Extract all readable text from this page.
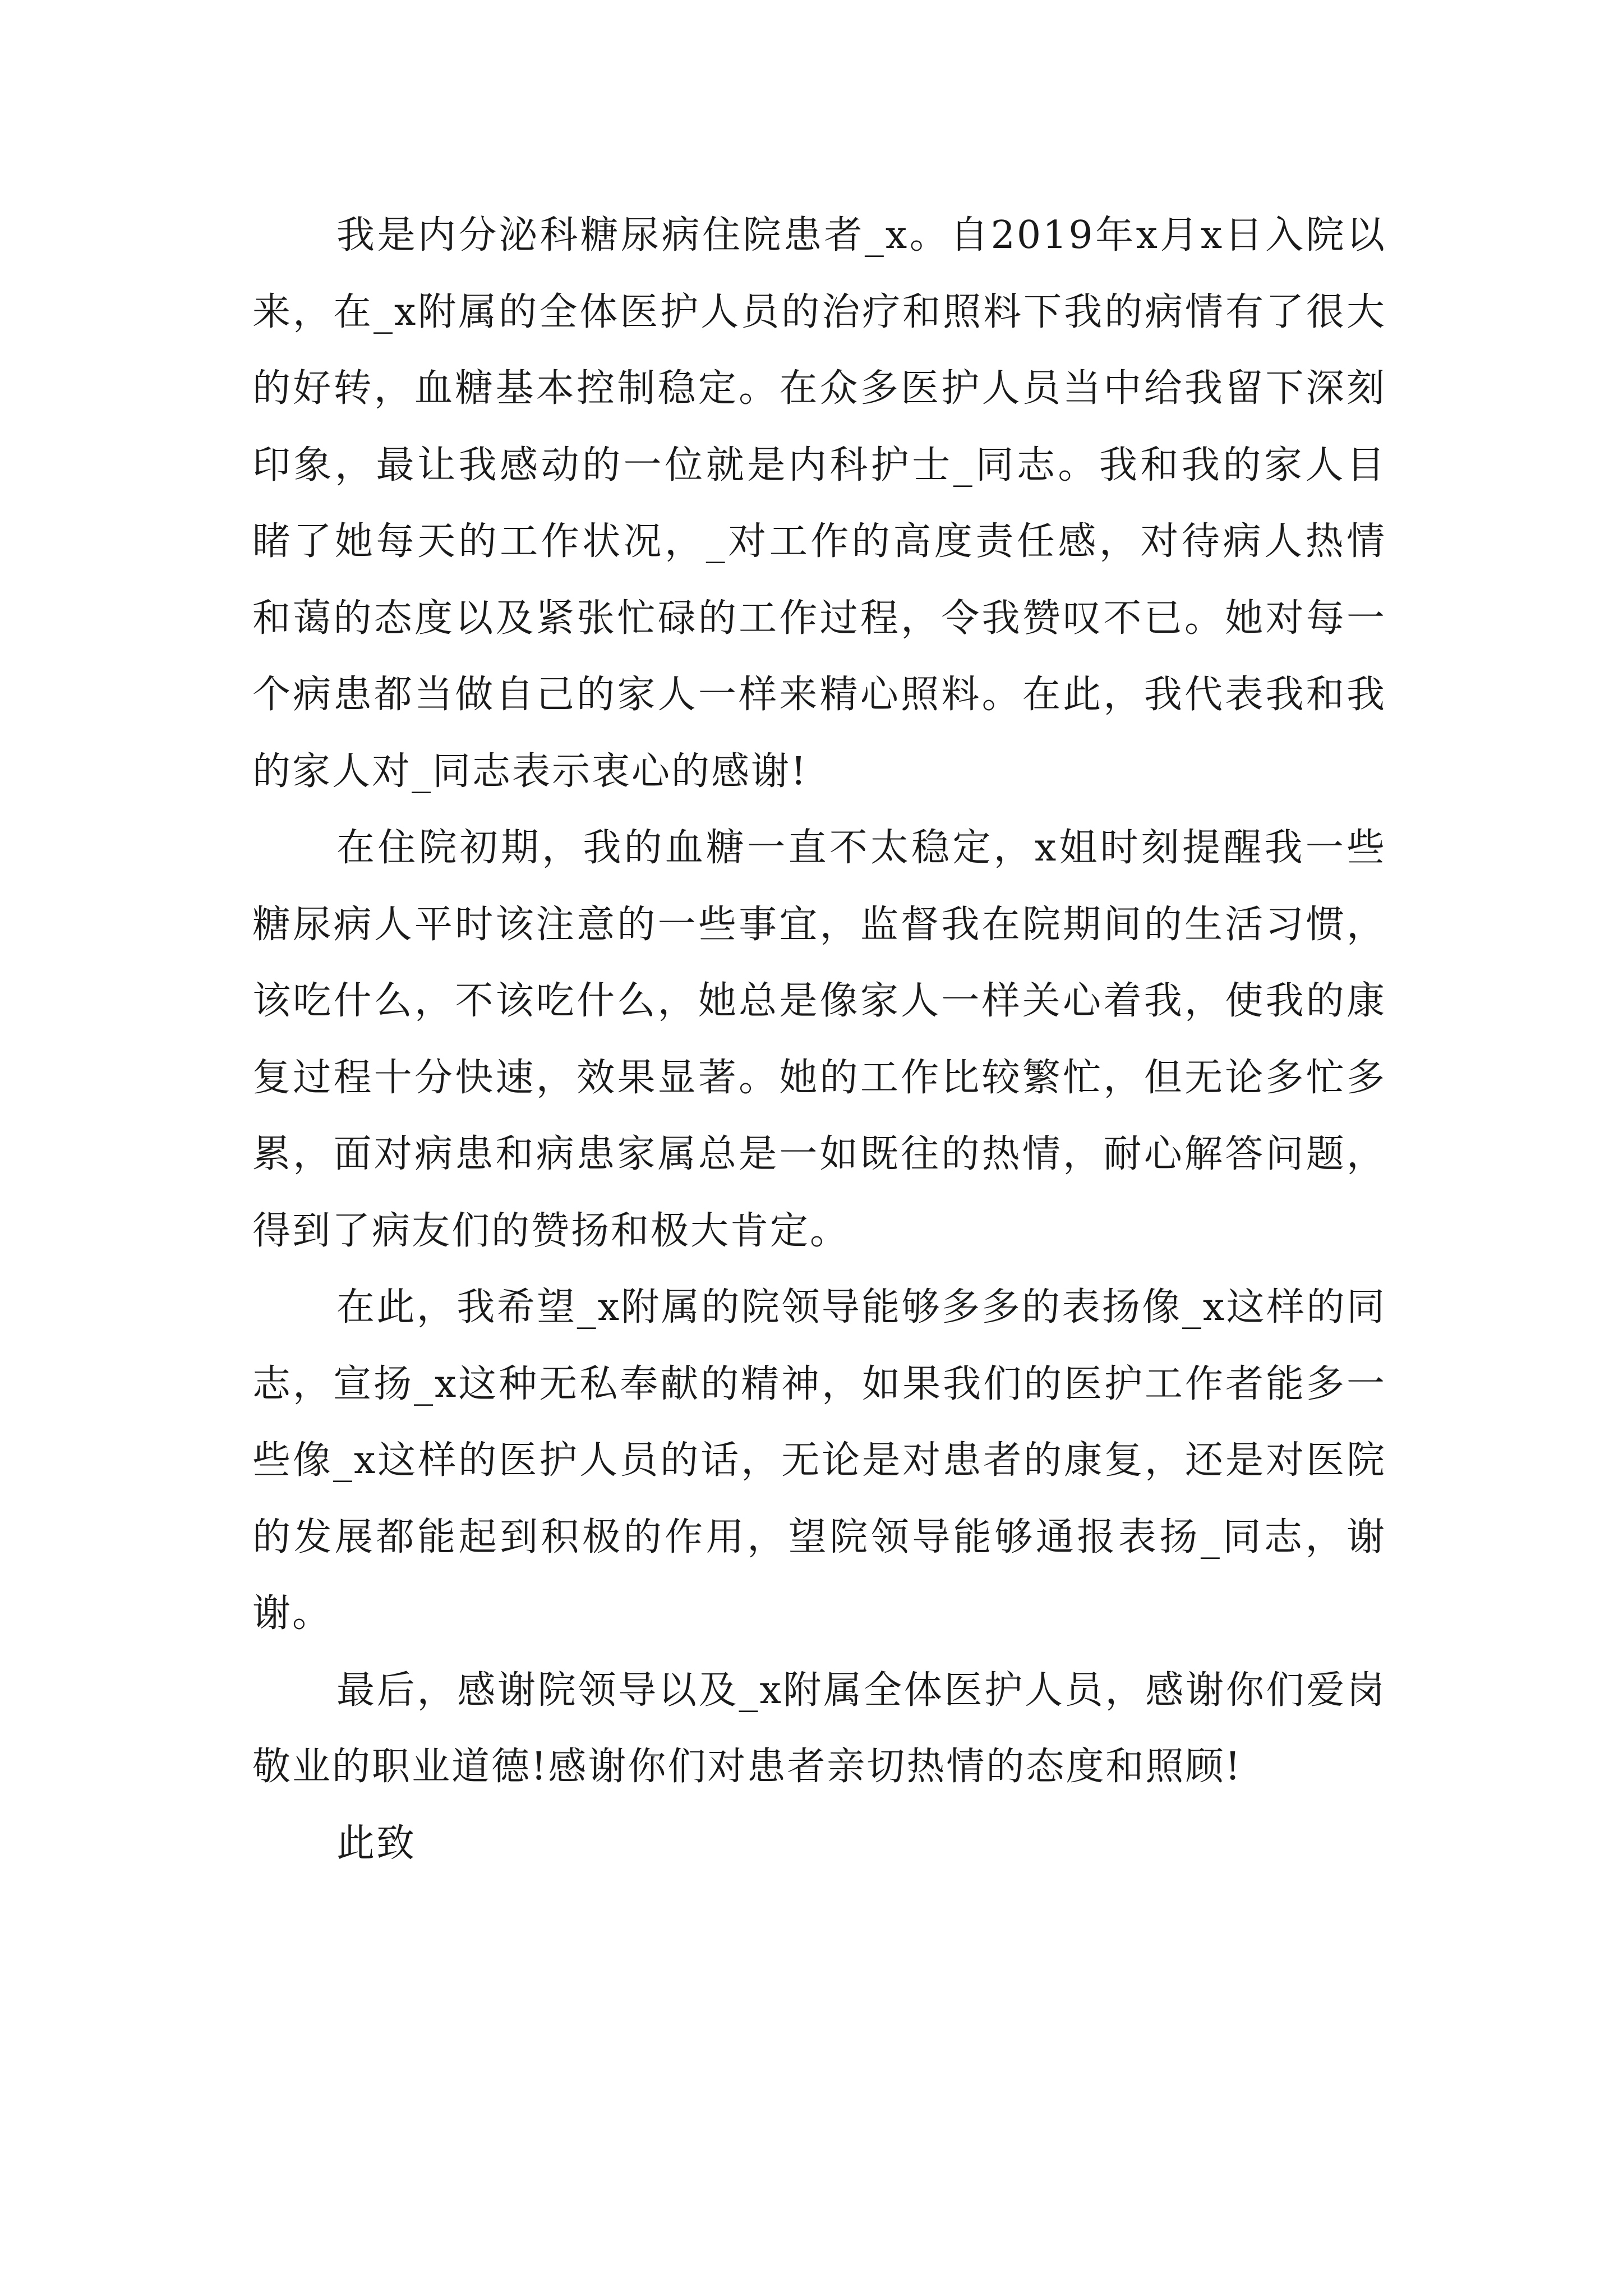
我是内分泌科糖尿病住院患者_x。自2019年x月x日入院以来，在_x附属的全体医护人员的治疗和照料下我的病情有了很大的好转，血糖基本控制稳定。在众多医护人员当中给我留下深刻印象，最让我感动的一位就是内科护士_同志。我和我的家人目睹了她每天的工作状况，_对工作的高度责任感，对待病人热情和蔼的态度以及紧张忙碌的工作过程，令我赞叹不已。她对每一个病患都当做自己的家人一样来精心照料。在此，我代表我和我的家人对_同志表示衷心的感谢!

在住院初期，我的血糖一直不太稳定，x姐时刻提醒我一些糖尿病人平时该注意的一些事宜，监督我在院期间的生活习惯，该吃什么，不该吃什么，她总是像家人一样关心着我，使我的康复过程十分快速，效果显著。她的工作比较繁忙，但无论多忙多累，面对病患和病患家属总是一如既往的热情，耐心解答问题，得到了病友们的赞扬和极大肯定。

在此，我希望_x附属的院领导能够多多的表扬像_x这样的同志，宣扬_x这种无私奉献的精神，如果我们的医护工作者能多一些像_x这样的医护人员的话，无论是对患者的康复，还是对医院的发展都能起到积极的作用，望院领导能够通报表扬_同志，谢谢。

最后，感谢院领导以及_x附属全体医护人员，感谢你们爱岗敬业的职业道德!感谢你们对患者亲切热情的态度和照顾!

此致
